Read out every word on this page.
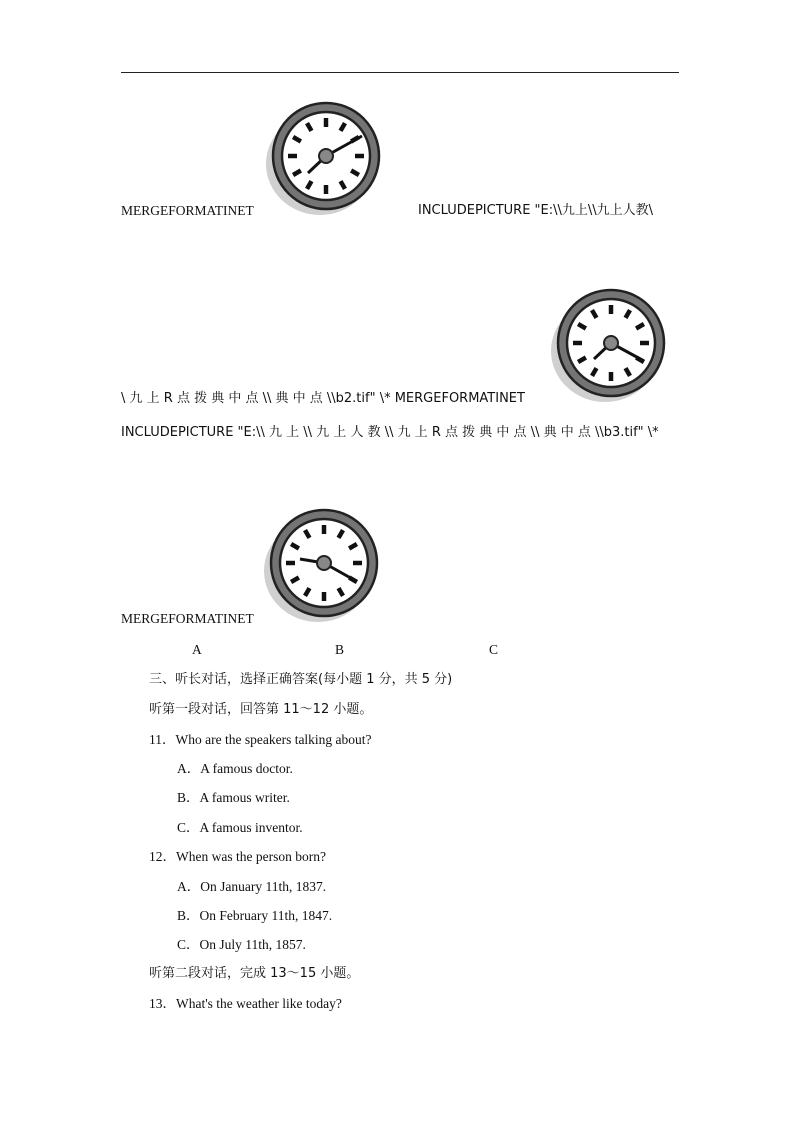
MERGEFORMATINET	INCLUDEPICTURE "E:\\九上\\九上人教\
\ 九 上 R 点 拨 典 中 点 \\ 典 中 点 \\b2.tif" \* MERGEFORMATINET
INCLUDEPICTURE "E:\\ 九 上 \\ 九 上 人 教 \\ 九 上 R 点 拨 典 中 点 \\ 典 中 点 \\b3.tif" \*
MERGEFORMATINET
A	B	C
三、听长对话，选择正确答案(每小题 1 分，共 5 分)
听第一段对话，回答第 11～12 小题。
11．Who are the speakers talking about?
A．A famous doctor.
B．A famous writer.
C．A famous inventor.
12．When was the person born?
A．On January 11th, 1837.
B．On February 11th, 1847.
C．On July 11th, 1857.
听第二段对话，完成 13～15 小题。
13．What's the weather like today?
